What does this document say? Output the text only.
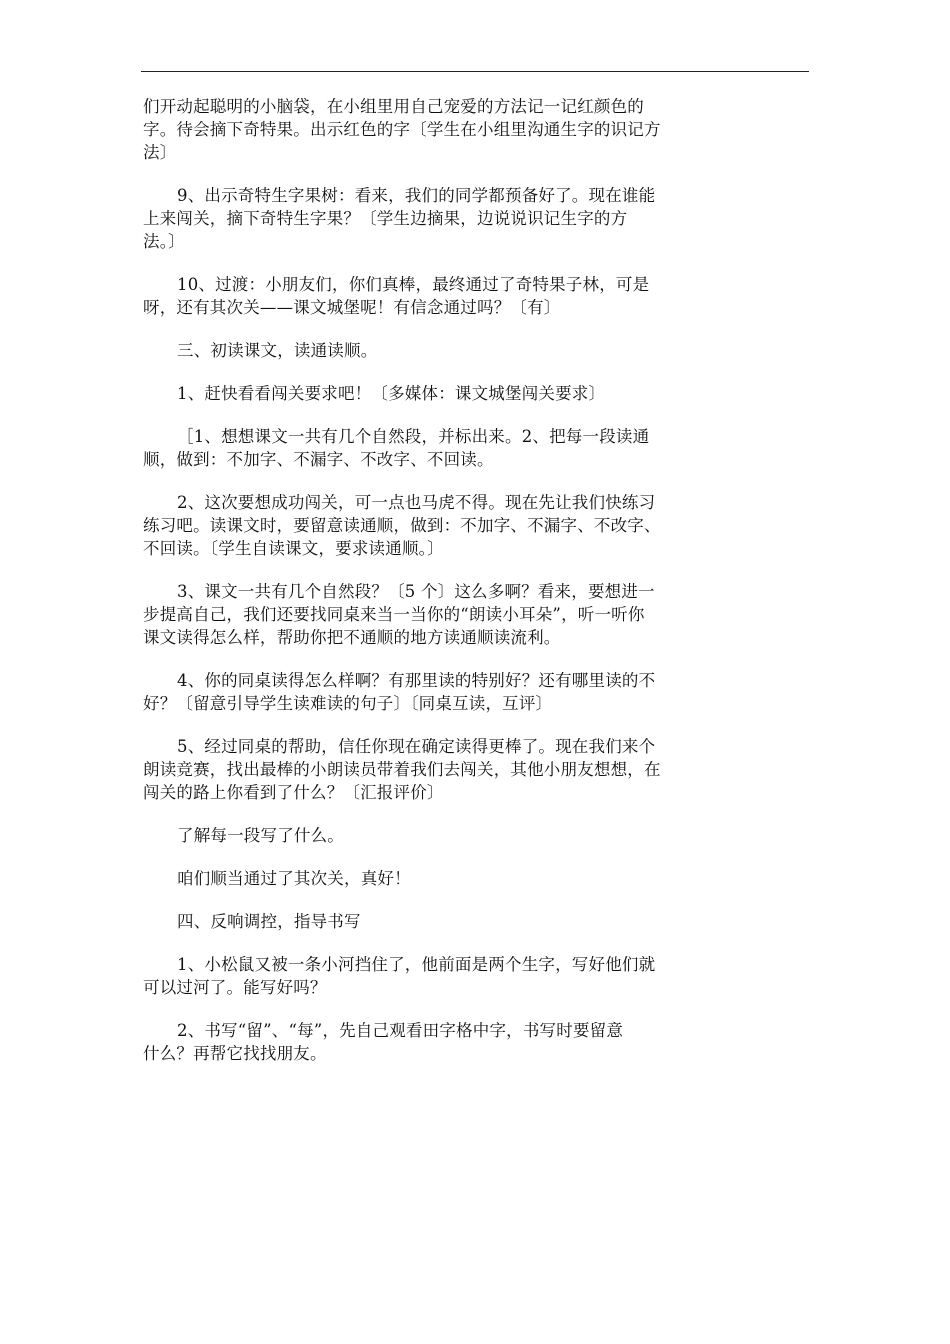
们开动起聪明的小脑袋，在小组里用自己宠爱的方法记一记红颜色的
字。待会摘下奇特果。出示红色的字〔学生在小组里沟通生字的识记方
法〕

9、出示奇特生字果树：看来，我们的同学都预备好了。现在谁能
上来闯关，摘下奇特生字果？〔学生边摘果，边说说识记生字的方
法。〕

10、过渡：小朋友们，你们真棒，最终通过了奇特果子林，可是
呀，还有其次关——课文城堡呢！有信念通过吗？〔有〕

三、初读课文，读通读顺。

1、赶快看看闯关要求吧！〔多媒体：课文城堡闯关要求〕

［1、想想课文一共有几个自然段，并标出来。2、把每一段读通
顺，做到：不加字、不漏字、不改字、不回读。

2、这次要想成功闯关，可一点也马虎不得。现在先让我们快练习
练习吧。读课文时，要留意读通顺，做到：不加字、不漏字、不改字、
不回读。〔学生自读课文，要求读通顺。〕

3、课文一共有几个自然段？〔5 个〕这么多啊？看来，要想进一
步提高自己，我们还要找同桌来当一当你的“朗读小耳朵”，听一听你
课文读得怎么样，帮助你把不通顺的地方读通顺读流利。

4、你的同桌读得怎么样啊？有那里读的特别好？还有哪里读的不
好？〔留意引导学生读难读的句子〕〔同桌互读，互评〕

5、经过同桌的帮助，信任你现在确定读得更棒了。现在我们来个
朗读竞赛，找出最棒的小朗读员带着我们去闯关，其他小朋友想想，在
闯关的路上你看到了什么？〔汇报评价〕

了解每一段写了什么。

咱们顺当通过了其次关，真好！

四、反响调控，指导书写

1、小松鼠又被一条小河挡住了，他前面是两个生字，写好他们就
可以过河了。能写好吗？

2、书写“留”、“每”，先自己观看田字格中字，书写时要留意
什么？再帮它找找朋友。
